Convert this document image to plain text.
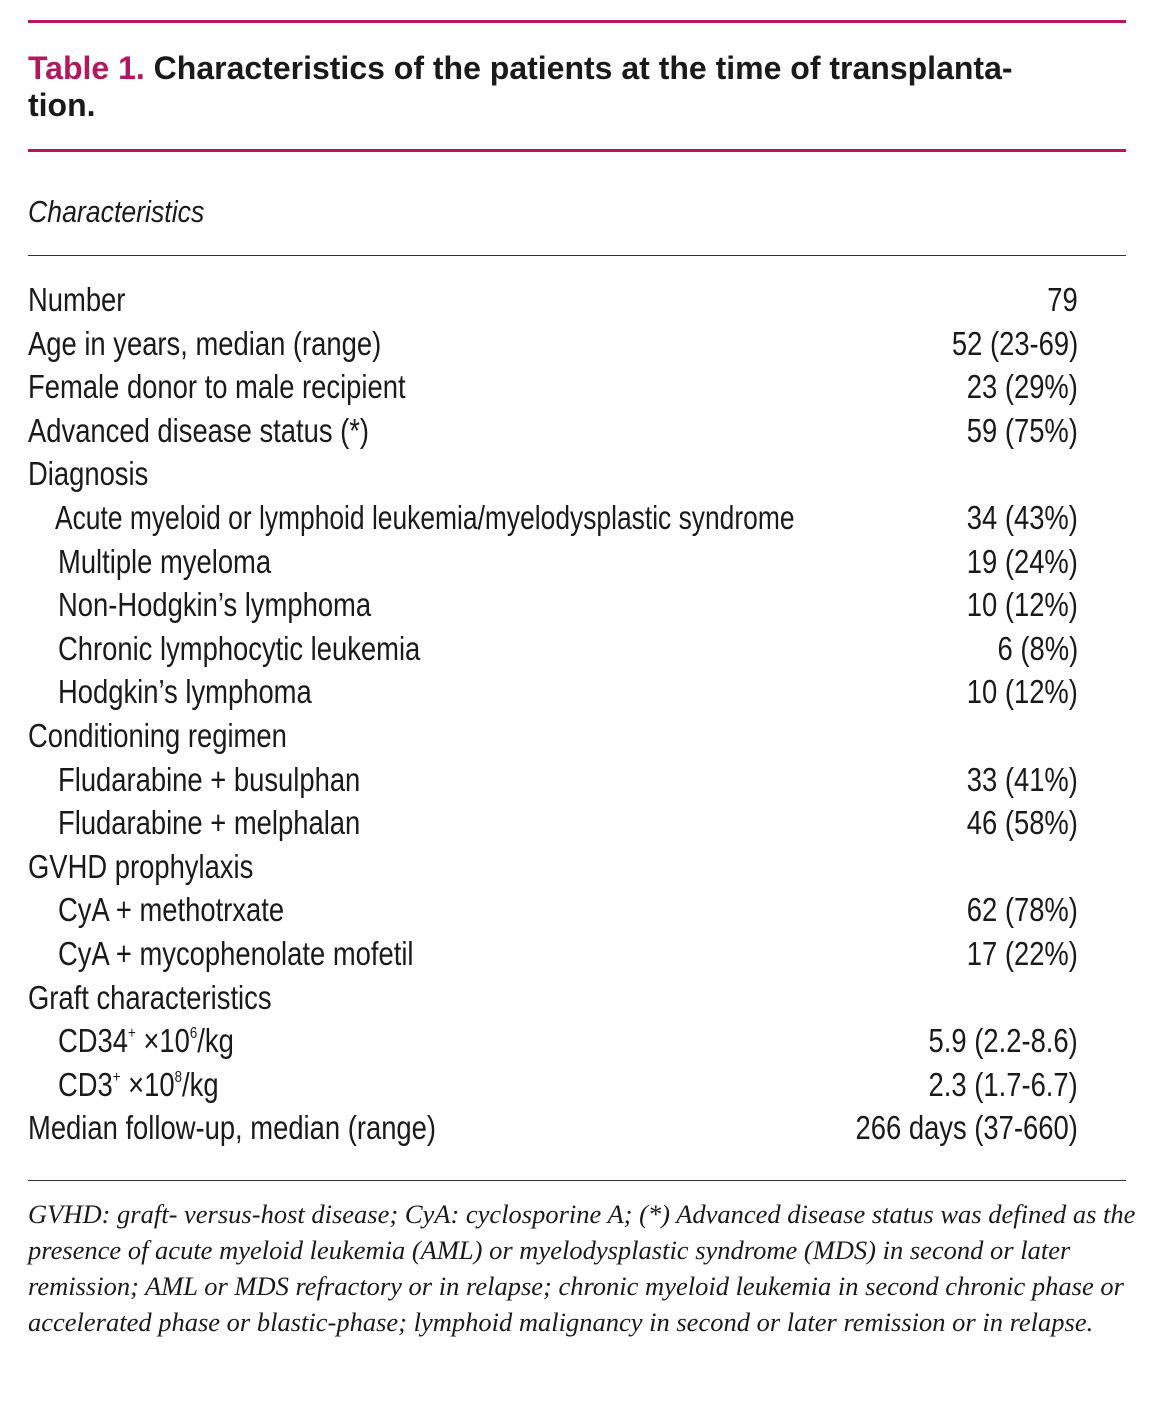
Table 1. Characteristics of the patients at the time of transplanta-
tion.
Characteristics
Number	79
Age in years, median (range)	52 (23-69)
Female donor to male recipient	23 (29%)
Advanced disease status (*)	59 (75%)
Diagnosis
Acute myeloid or lymphoid leukemia/myelodysplastic syndrome	34 (43%)
Multiple myeloma	19 (24%)
Non-Hodgkin’s lymphoma	10 (12%)
Chronic lymphocytic leukemia	6 (8%)
Hodgkin’s lymphoma	10 (12%)
Conditioning regimen
Fludarabine + busulphan	33 (41%)
Fludarabine + melphalan	46 (58%)
GVHD prophylaxis
CyA + methotrxate	62 (78%)
CyA + mycophenolate mofetil	17 (22%)
Graft characteristics
$CD34^+ \times 10^6/kg$	5.9 (2.2-8.6)
$CD3^+ \times 10^8/kg$	2.3 (1.7-6.7)
Median follow-up, median (range)	266 days (37-660)
GVHD: graft- versus-host disease; CyA: cyclosporine A; (*) Advanced disease status was defined as the presence of acute myeloid leukemia (AML) or myelodysplastic syndrome (MDS) in second or later remission; AML or MDS refractory or in relapse; chronic myeloid leukemia in second chronic phase or accelerated phase or blastic-phase; lymphoid malignancy in second or later remission or in relapse.
